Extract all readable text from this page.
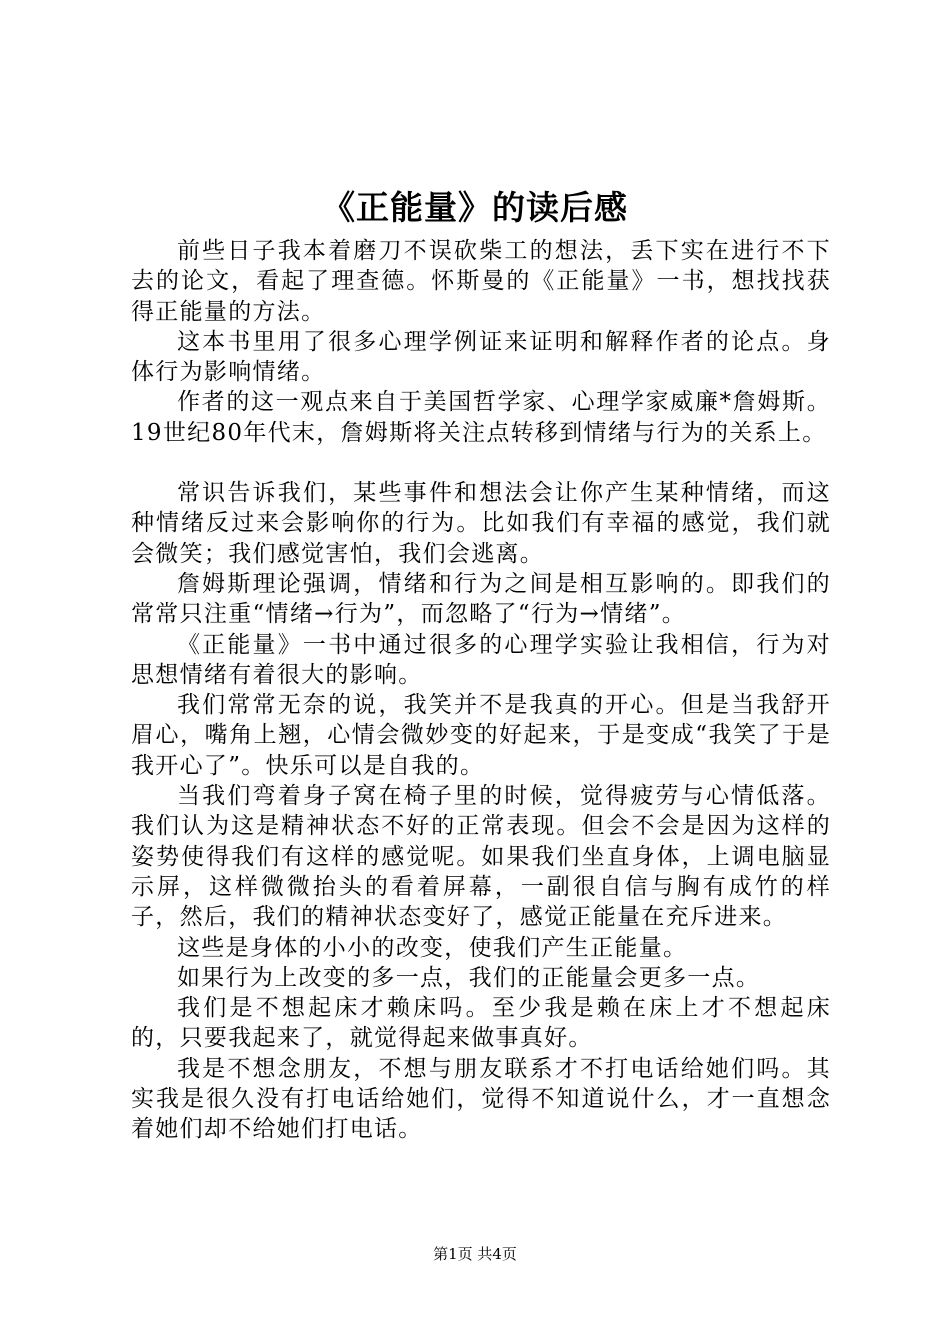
《正能量》的读后感

前些日子我本着磨刀不误砍柴工的想法，丢下实在进行不下去的论文，看起了理查德。怀斯曼的《正能量》一书，想找找获得正能量的方法。

这本书里用了很多心理学例证来证明和解释作者的论点。身体行为影响情绪。

作者的这一观点来自于美国哲学家、心理学家威廉*詹姆斯。19世纪80年代末，詹姆斯将关注点转移到情绪与行为的关系上。

常识告诉我们，某些事件和想法会让你产生某种情绪，而这种情绪反过来会影响你的行为。比如我们有幸福的感觉，我们就会微笑；我们感觉害怕，我们会逃离。

詹姆斯理论强调，情绪和行为之间是相互影响的。即我们的常常只注重“情绪→行为”，而忽略了“行为→情绪”。

《正能量》一书中通过很多的心理学实验让我相信，行为对思想情绪有着很大的影响。

我们常常无奈的说，我笑并不是我真的开心。但是当我舒开眉心，嘴角上翘，心情会微妙变的好起来，于是变成“我笑了于是我开心了”。快乐可以是自我的。

当我们弯着身子窝在椅子里的时候，觉得疲劳与心情低落。我们认为这是精神状态不好的正常表现。但会不会是因为这样的姿势使得我们有这样的感觉呢。如果我们坐直身体，上调电脑显示屏，这样微微抬头的看着屏幕，一副很自信与胸有成竹的样子，然后，我们的精神状态变好了，感觉正能量在充斥进来。

这些是身体的小小的改变，使我们产生正能量。

如果行为上改变的多一点，我们的正能量会更多一点。

我们是不想起床才赖床吗。至少我是赖在床上才不想起床的，只要我起来了，就觉得起来做事真好。

我是不想念朋友，不想与朋友联系才不打电话给她们吗。其实我是很久没有打电话给她们，觉得不知道说什么，才一直想念着她们却不给她们打电话。

第1页 共4页
